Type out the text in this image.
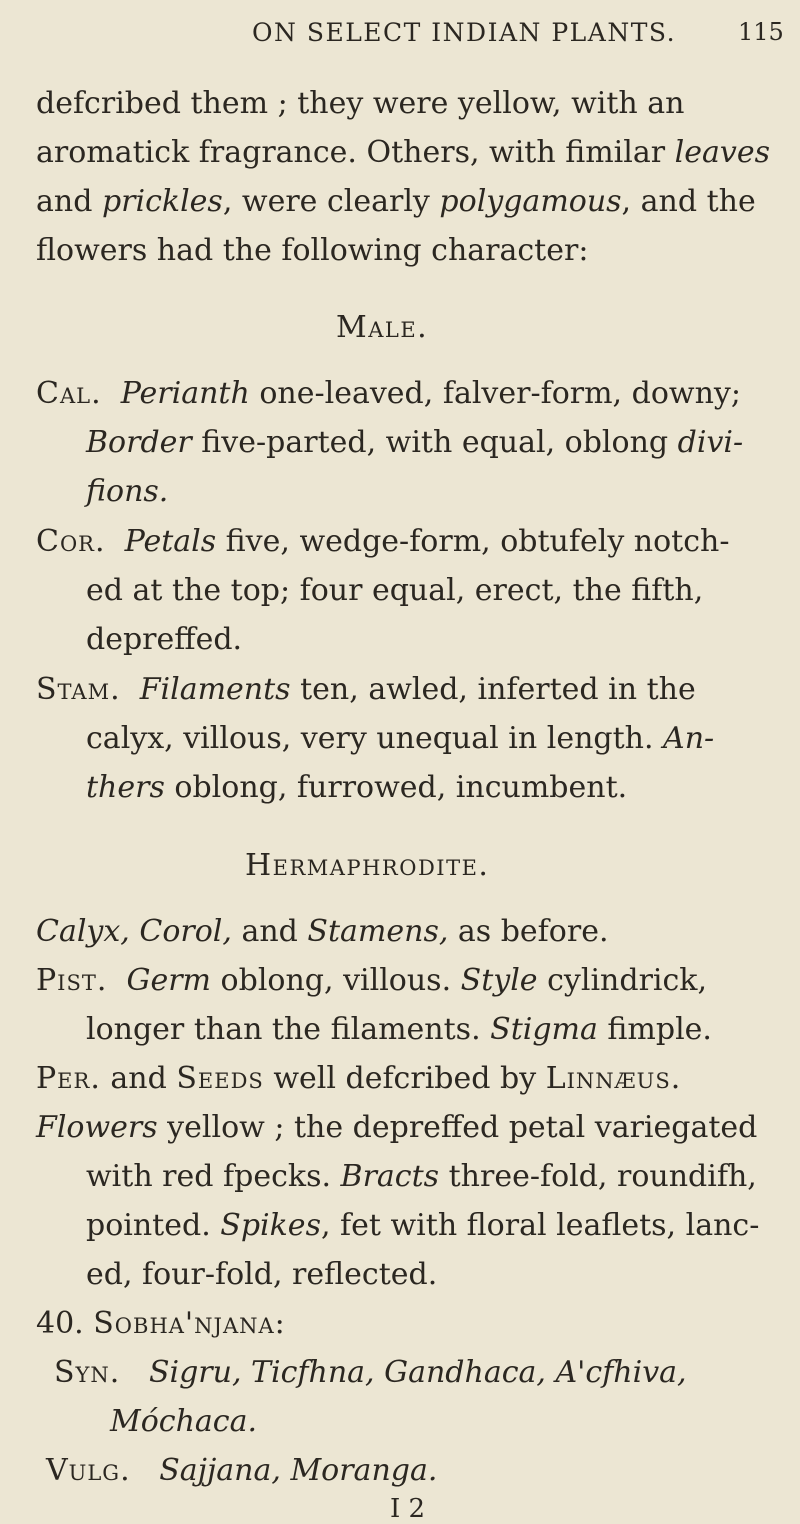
ON SELECT INDIAN PLANTS.	115
defcribed them ; they were yellow, with an
aromatick fragrance. Others, with fimilar leaves
and prickles, were clearly polygamous, and the
flowers had the following character:
Male.
Cal. Perianth one-leaved, falver-form, downy;
Border five-parted, with equal, oblong divi-
fions.
Cor. Petals five, wedge-form, obtufely notch-
ed at the top; four equal, erect, the fifth,
depreffed.
Stam. Filaments ten, awled, inferted in the
calyx, villous, very unequal in length. An-
thers oblong, furrowed, incumbent.
Hermaphrodite.
Calyx, Corol, and Stamens, as before.
Pist. Germ oblong, villous. Style cylindrick,
longer than the filaments. Stigma fimple.
Per. and Seeds well defcribed by Linnæus.
Flowers yellow ; the depreffed petal variegated
with red fpecks. Bracts three-fold, roundifh,
pointed. Spikes, fet with floral leaflets, lanc-
ed, four-fold, reflected.
40. Sobha'njana:
Syn. Sigru, Ticfhna, Gandhaca, A'cfhiva,
Móchaca.
Vulg. Sajjana, Moranga.
I 2
